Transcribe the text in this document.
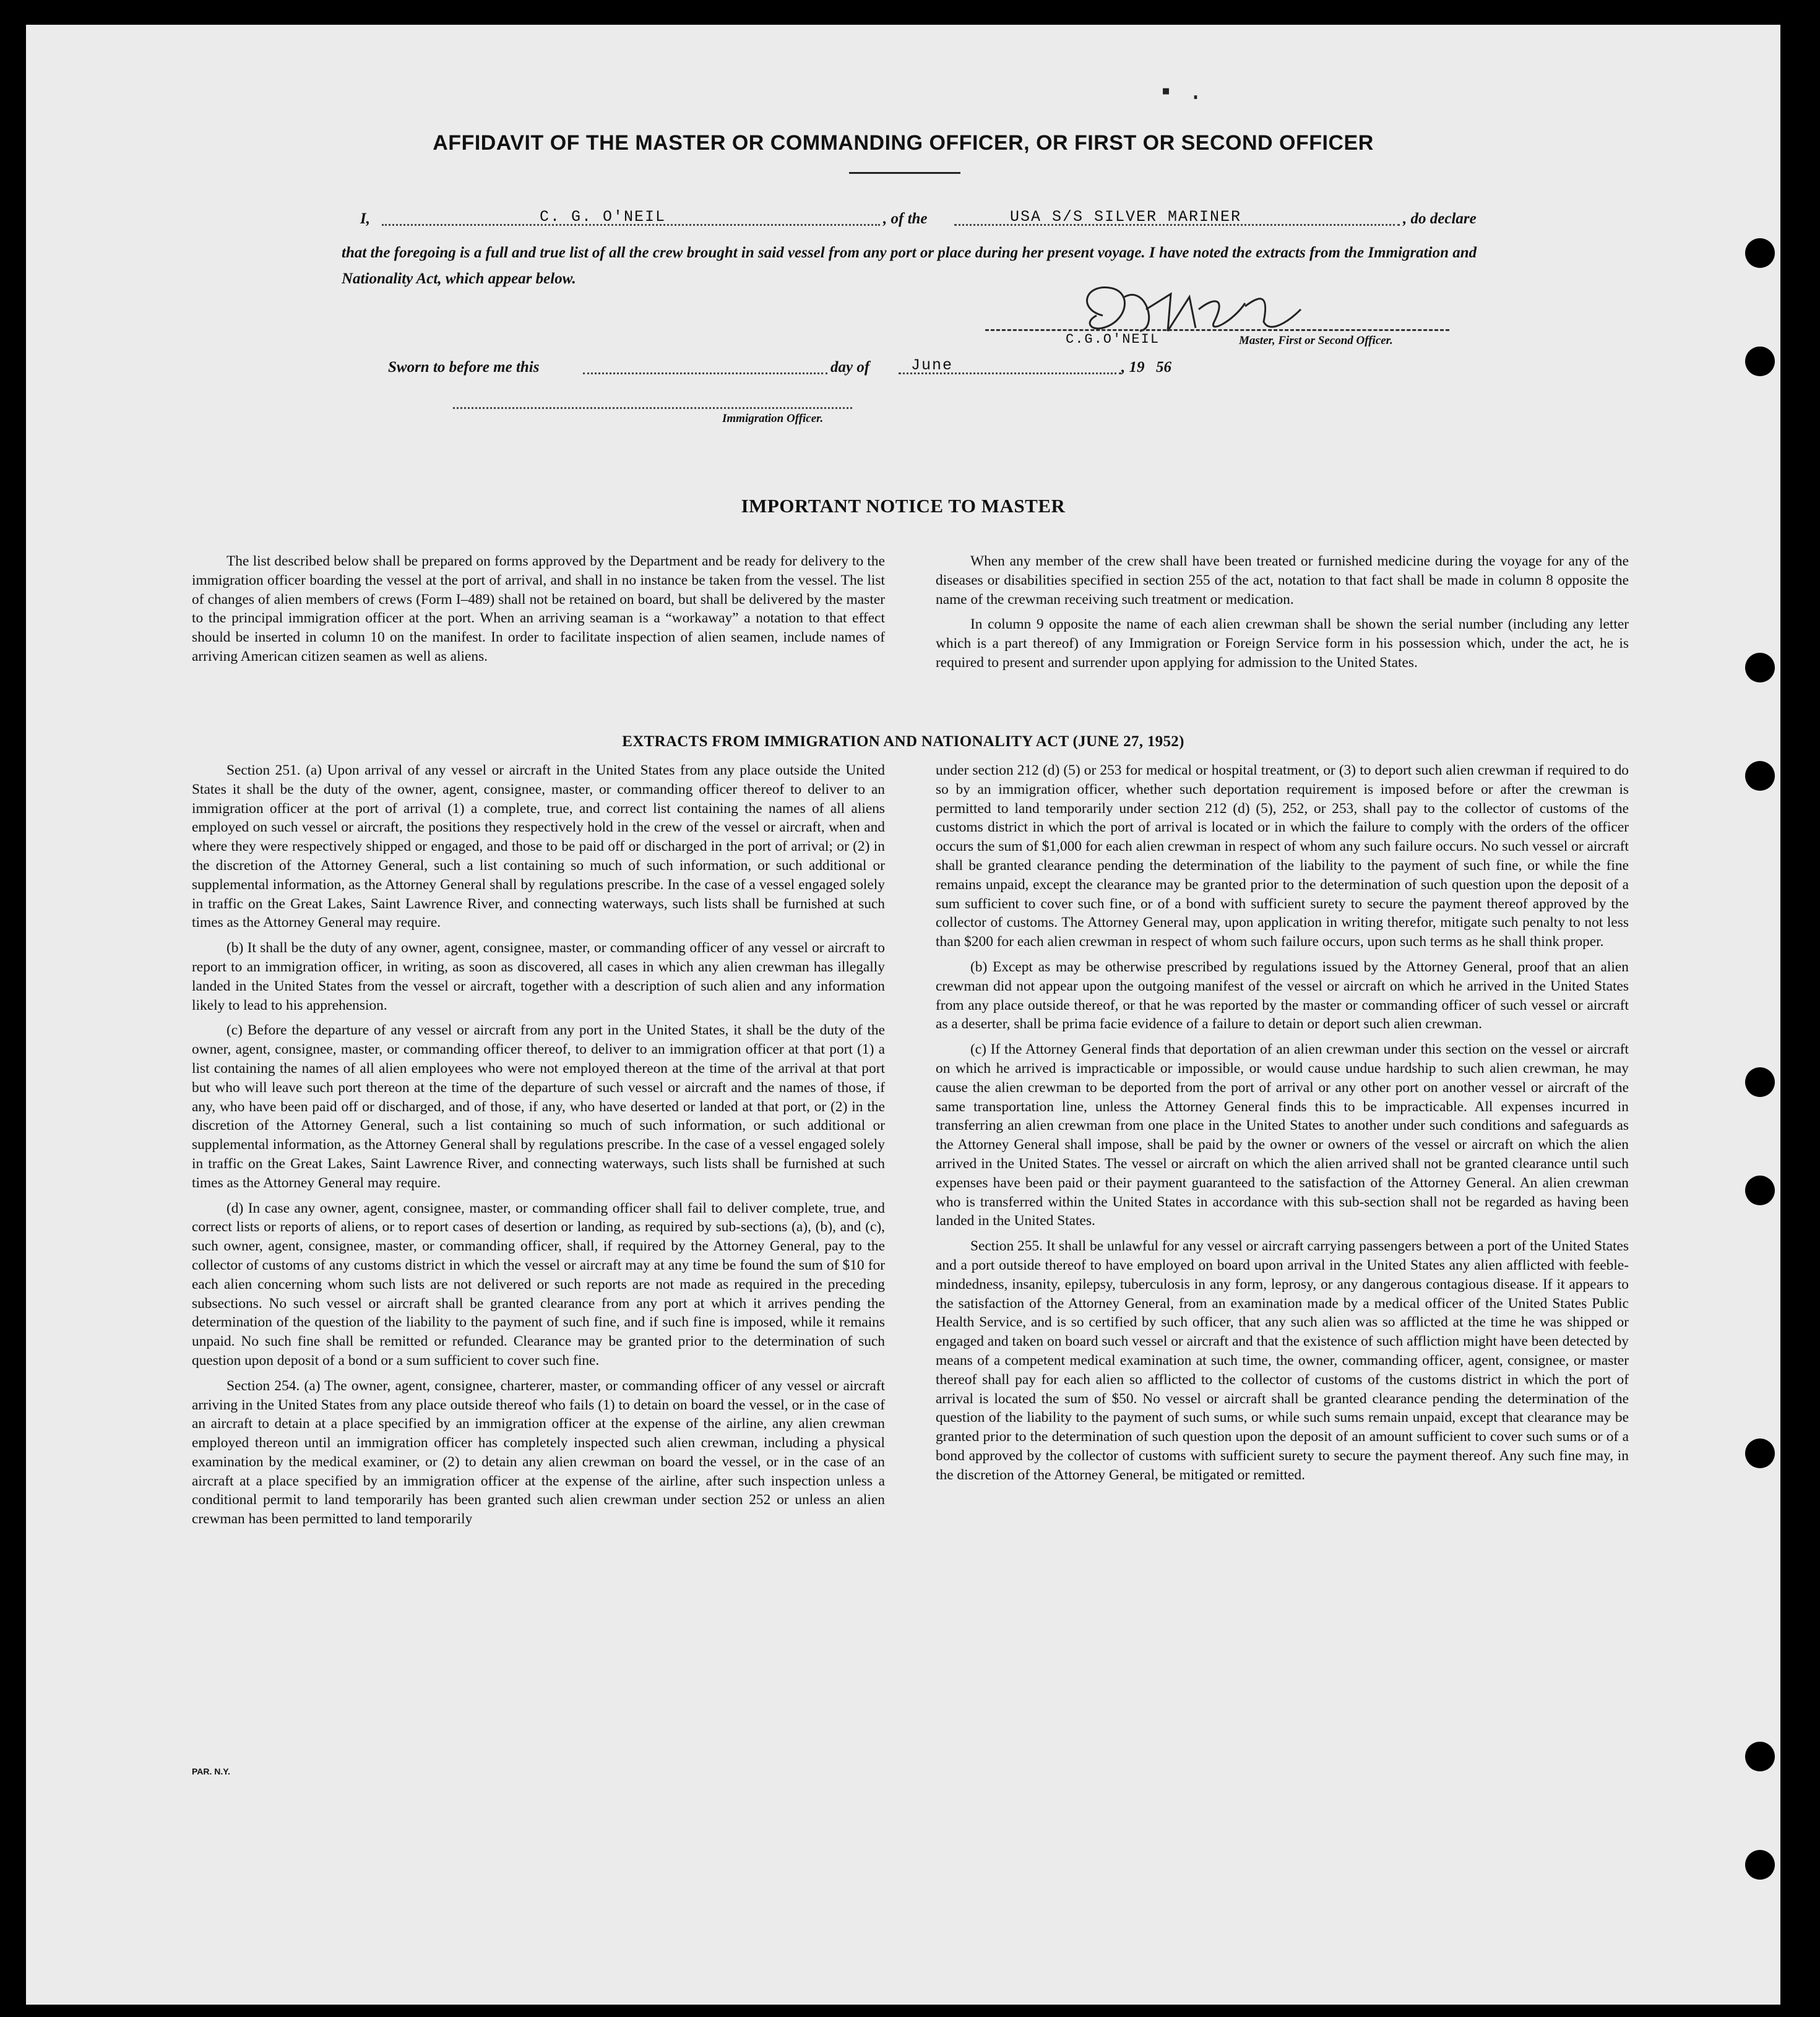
▪ .
AFFIDAVIT OF THE MASTER OR COMMANDING OFFICER, OR FIRST OR SECOND OFFICER
I,	C. G. O'NEIL	, of the	USA S/S SILVER MARINER	, do declare
that the foregoing is a full and true list of all the crew brought in said vessel from any port or place during her present voyage. I have noted the extracts from the Immigration and Nationality Act, which appear below.
C.G.O'NEIL	Master, First or Second Officer.
Sworn to before me this	day of	June	, 19 56
Immigration Officer.
IMPORTANT NOTICE TO MASTER

The list described below shall be prepared on forms approved by the Department and be ready for delivery to the immigration officer boarding the vessel at the port of arrival, and shall in no instance be taken from the vessel. The list of changes of alien members of crews (Form I–489) shall not be retained on board, but shall be delivered by the master to the principal immigration officer at the port. When an arriving seaman is a “workaway” a notation to that effect should be inserted in column 10 on the manifest. In order to facilitate inspection of alien seamen, include names of arriving American citizen seamen as well as aliens.

When any member of the crew shall have been treated or furnished medicine during the voyage for any of the diseases or disabilities specified in section 255 of the act, notation to that fact shall be made in column 8 opposite the name of the crewman receiving such treatment or medication.

In column 9 opposite the name of each alien crewman shall be shown the serial number (including any letter which is a part thereof) of any Immigration or Foreign Service form in his possession which, under the act, he is required to present and surrender upon applying for admission to the United States.

EXTRACTS FROM IMMIGRATION AND NATIONALITY ACT (JUNE 27, 1952)

Section 251. (a) Upon arrival of any vessel or aircraft in the United States from any place outside the United States it shall be the duty of the owner, agent, consignee, master, or commanding officer thereof to deliver to an immigration officer at the port of arrival (1) a complete, true, and correct list containing the names of all aliens employed on such vessel or aircraft, the positions they respectively hold in the crew of the vessel or aircraft, when and where they were respectively shipped or engaged, and those to be paid off or discharged in the port of arrival; or (2) in the discretion of the Attorney General, such a list containing so much of such information, or such additional or supplemental information, as the Attorney General shall by regulations prescribe. In the case of a vessel engaged solely in traffic on the Great Lakes, Saint Lawrence River, and connecting waterways, such lists shall be furnished at such times as the Attorney General may require.

(b) It shall be the duty of any owner, agent, consignee, master, or commanding officer of any vessel or aircraft to report to an immigration officer, in writing, as soon as discovered, all cases in which any alien crewman has illegally landed in the United States from the vessel or aircraft, together with a description of such alien and any information likely to lead to his apprehension.

(c) Before the departure of any vessel or aircraft from any port in the United States, it shall be the duty of the owner, agent, consignee, master, or commanding officer thereof, to deliver to an immigration officer at that port (1) a list containing the names of all alien employees who were not employed thereon at the time of the arrival at that port but who will leave such port thereon at the time of the departure of such vessel or aircraft and the names of those, if any, who have been paid off or discharged, and of those, if any, who have deserted or landed at that port, or (2) in the discretion of the Attorney General, such a list containing so much of such information, or such additional or supplemental information, as the Attorney General shall by regulations prescribe. In the case of a vessel engaged solely in traffic on the Great Lakes, Saint Lawrence River, and connecting waterways, such lists shall be furnished at such times as the Attorney General may require.

(d) In case any owner, agent, consignee, master, or commanding officer shall fail to deliver complete, true, and correct lists or reports of aliens, or to report cases of desertion or landing, as required by sub-sections (a), (b), and (c), such owner, agent, consignee, master, or commanding officer, shall, if required by the Attorney General, pay to the collector of customs of any customs district in which the vessel or aircraft may at any time be found the sum of $10 for each alien concerning whom such lists are not delivered or such reports are not made as required in the preceding subsections. No such vessel or aircraft shall be granted clearance from any port at which it arrives pending the determination of the question of the liability to the payment of such fine, and if such fine is imposed, while it remains unpaid. No such fine shall be remitted or refunded. Clearance may be granted prior to the determination of such question upon deposit of a bond or a sum sufficient to cover such fine.

Section 254. (a) The owner, agent, consignee, charterer, master, or commanding officer of any vessel or aircraft arriving in the United States from any place outside thereof who fails (1) to detain on board the vessel, or in the case of an aircraft to detain at a place specified by an immigration officer at the expense of the airline, any alien crewman employed thereon until an immigration officer has completely inspected such alien crewman, including a physical examination by the medical examiner, or (2) to detain any alien crewman on board the vessel, or in the case of an aircraft at a place specified by an immigration officer at the expense of the airline, after such inspection unless a conditional permit to land temporarily has been granted such alien crewman under section 252 or unless an alien crewman has been permitted to land temporarily

under section 212 (d) (5) or 253 for medical or hospital treatment, or (3) to deport such alien crewman if required to do so by an immigration officer, whether such deportation requirement is imposed before or after the crewman is permitted to land temporarily under section 212 (d) (5), 252, or 253, shall pay to the collector of customs of the customs district in which the port of arrival is located or in which the failure to comply with the orders of the officer occurs the sum of $1,000 for each alien crewman in respect of whom any such failure occurs. No such vessel or aircraft shall be granted clearance pending the determination of the liability to the payment of such fine, or while the fine remains unpaid, except the clearance may be granted prior to the determination of such question upon the deposit of a sum sufficient to cover such fine, or of a bond with sufficient surety to secure the payment thereof approved by the collector of customs. The Attorney General may, upon application in writing therefor, mitigate such penalty to not less than $200 for each alien crewman in respect of whom such failure occurs, upon such terms as he shall think proper.

(b) Except as may be otherwise prescribed by regulations issued by the Attorney General, proof that an alien crewman did not appear upon the outgoing manifest of the vessel or aircraft on which he arrived in the United States from any place outside thereof, or that he was reported by the master or commanding officer of such vessel or aircraft as a deserter, shall be prima facie evidence of a failure to detain or deport such alien crewman.

(c) If the Attorney General finds that deportation of an alien crewman under this section on the vessel or aircraft on which he arrived is impracticable or impossible, or would cause undue hardship to such alien crewman, he may cause the alien crewman to be deported from the port of arrival or any other port on another vessel or aircraft of the same transportation line, unless the Attorney General finds this to be impracticable. All expenses incurred in transferring an alien crewman from one place in the United States to another under such conditions and safeguards as the Attorney General shall impose, shall be paid by the owner or owners of the vessel or aircraft on which the alien arrived in the United States. The vessel or aircraft on which the alien arrived shall not be granted clearance until such expenses have been paid or their payment guaranteed to the satisfaction of the Attorney General. An alien crewman who is transferred within the United States in accordance with this sub-section shall not be regarded as having been landed in the United States.

Section 255. It shall be unlawful for any vessel or aircraft carrying passengers between a port of the United States and a port outside thereof to have employed on board upon arrival in the United States any alien afflicted with feeble-mindedness, insanity, epilepsy, tuberculosis in any form, leprosy, or any dangerous contagious disease. If it appears to the satisfaction of the Attorney General, from an examination made by a medical officer of the United States Public Health Service, and is so certified by such officer, that any such alien was so afflicted at the time he was shipped or engaged and taken on board such vessel or aircraft and that the existence of such affliction might have been detected by means of a competent medical examination at such time, the owner, commanding officer, agent, consignee, or master thereof shall pay for each alien so afflicted to the collector of customs of the customs district in which the port of arrival is located the sum of $50. No vessel or aircraft shall be granted clearance pending the determination of the question of the liability to the payment of such sums, or while such sums remain unpaid, except that clearance may be granted prior to the determination of such question upon the deposit of an amount sufficient to cover such sums or of a bond approved by the collector of customs with sufficient surety to secure the payment thereof. Any such fine may, in the discretion of the Attorney General, be mitigated or remitted.

PAR. N.Y.
